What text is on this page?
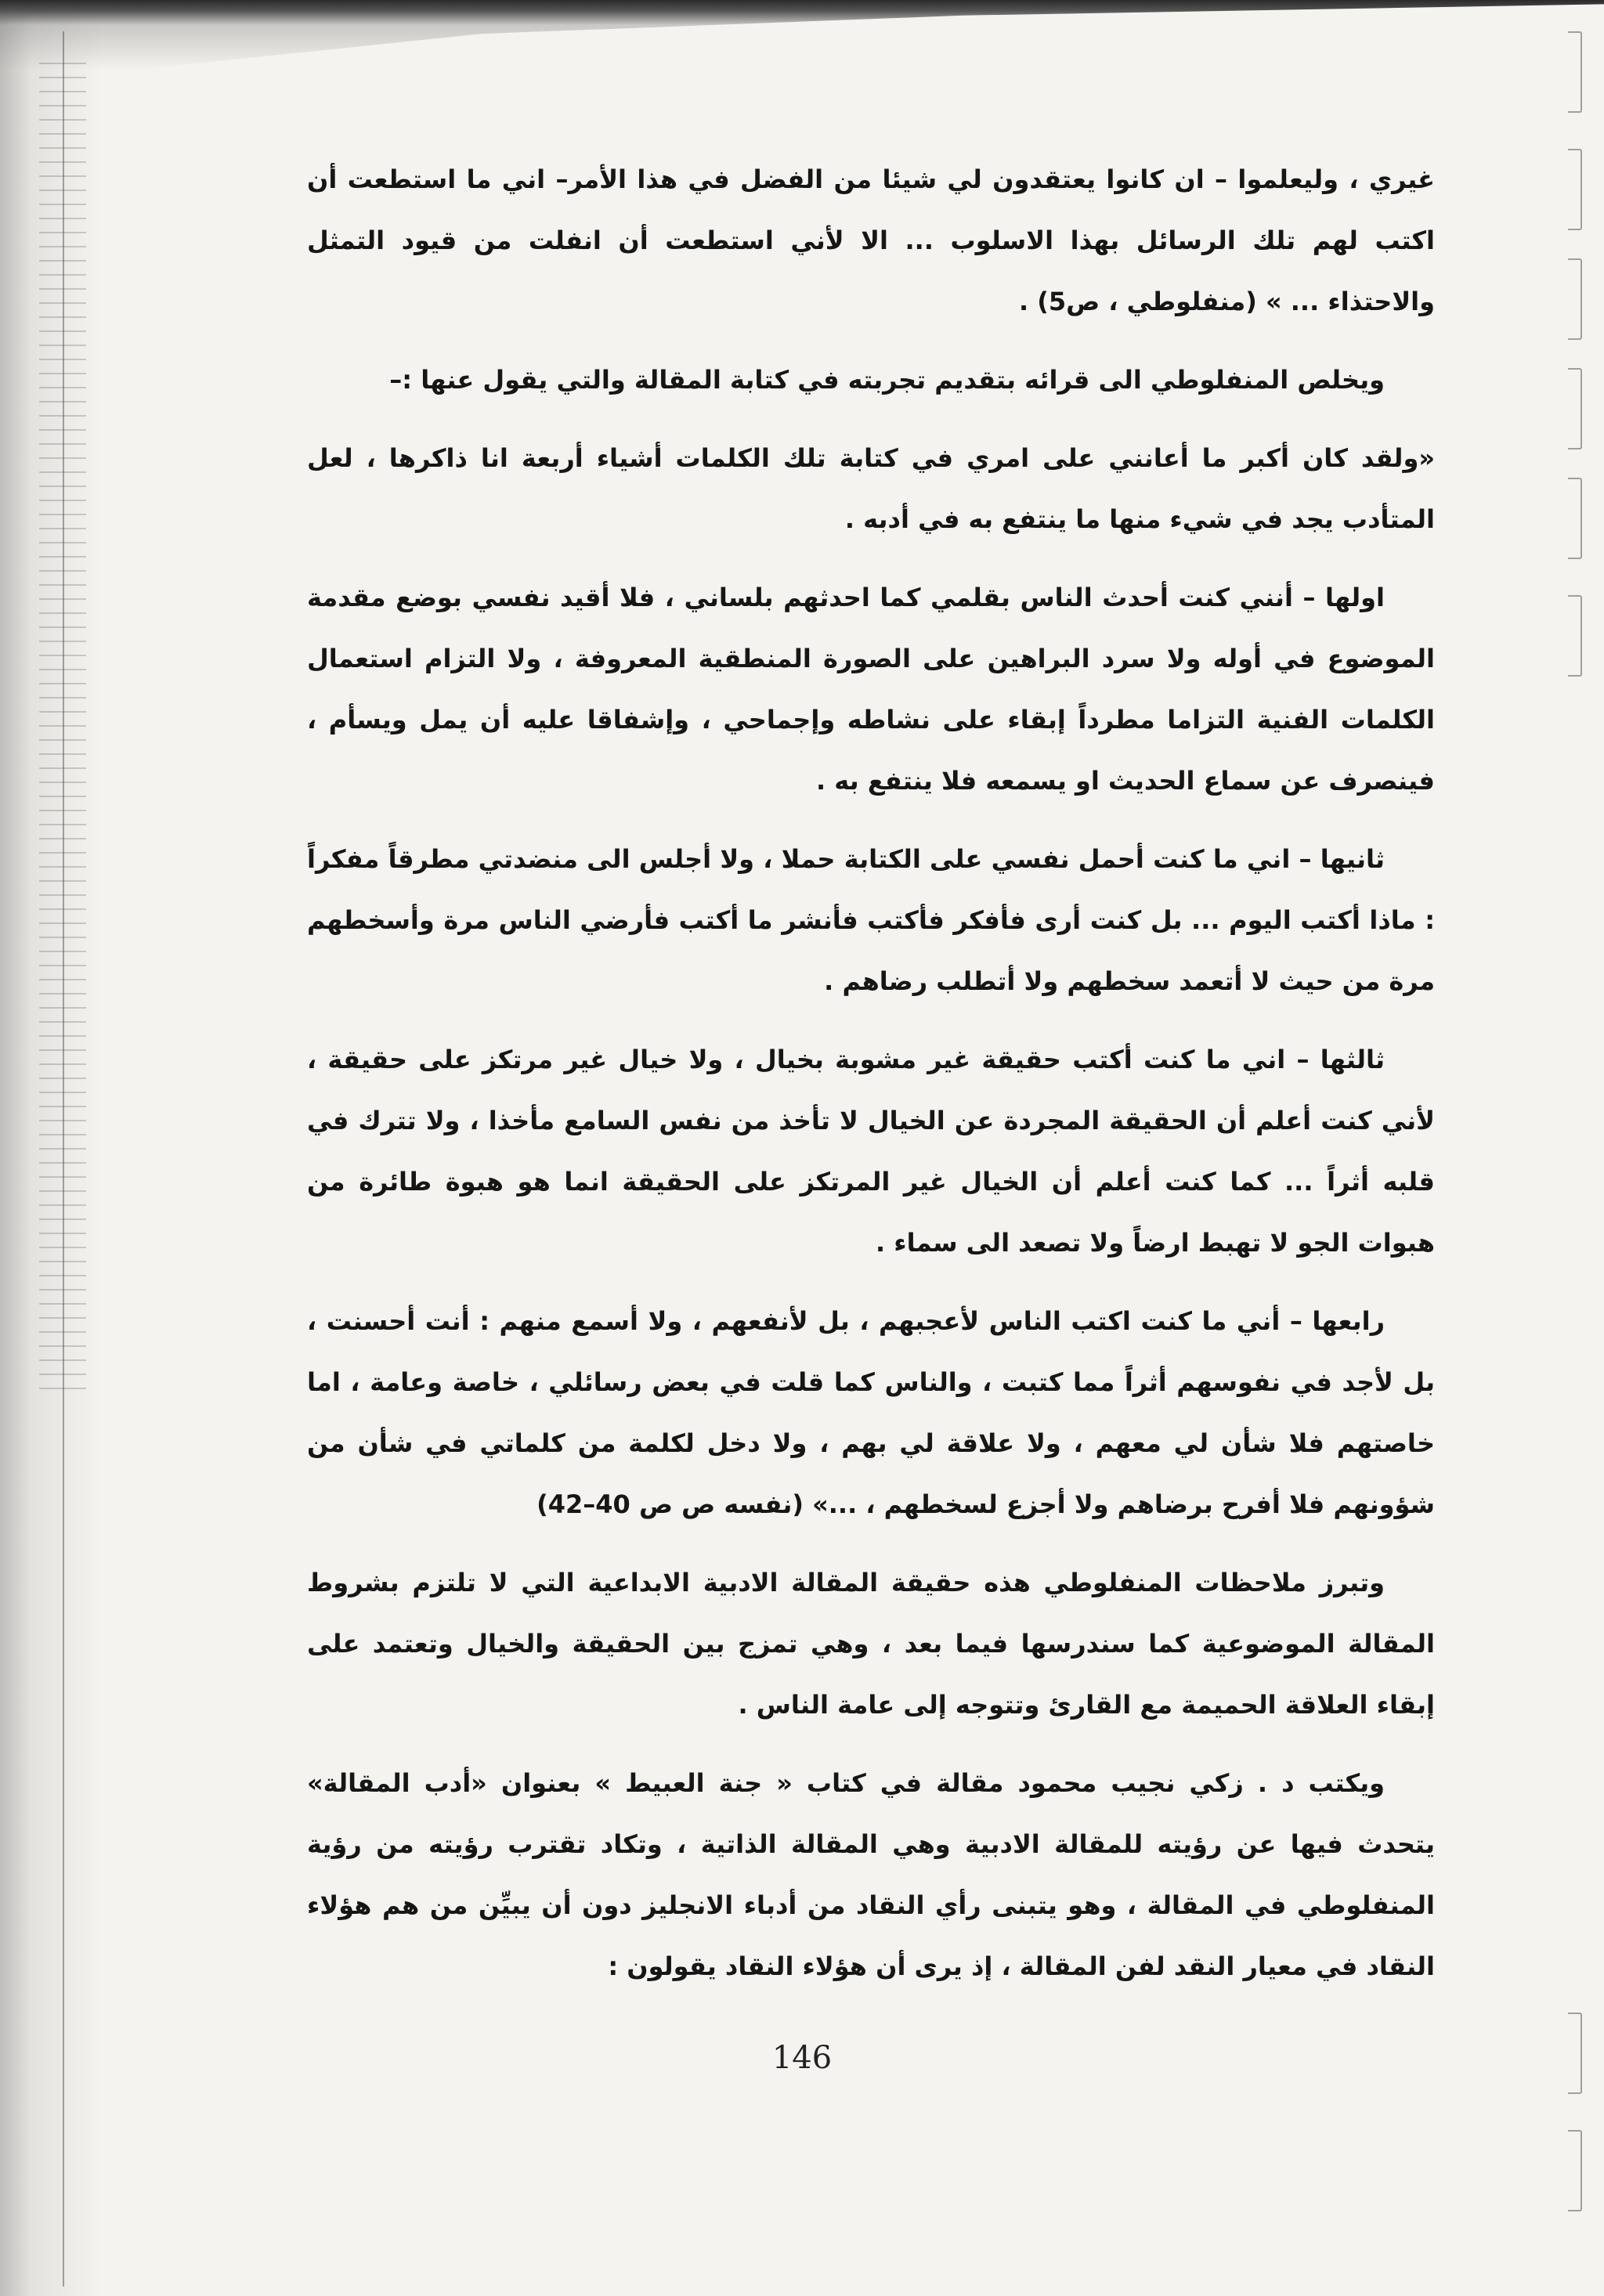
غيري ، وليعلموا – ان كانوا يعتقدون لي شيئا من الفضل في هذا الأمر– اني ما استطعت أن اكتب لهم تلك الرسائل بهذا الاسلوب ... الا لأني استطعت أن انفلت من قيود التمثل والاحتذاء ... » (منفلوطي ، ص5) .

ويخلص المنفلوطي الى قرائه بتقديم تجربته في كتابة المقالة والتي يقول عنها :–

«ولقد كان أكبر ما أعانني على امري في كتابة تلك الكلمات أشياء أربعة انا ذاكرها ، لعل المتأدب يجد في شيء منها ما ينتفع به في أدبه .

اولها – أنني كنت أحدث الناس بقلمي كما احدثهم بلساني ، فلا أقيد نفسي بوضع مقدمة الموضوع في أوله ولا سرد البراهين على الصورة المنطقية المعروفة ، ولا التزام استعمال الكلمات الفنية التزاما مطرداً إبقاء على نشاطه وإجماحي ، وإشفاقا عليه أن يمل ويسأم ، فينصرف عن سماع الحديث او يسمعه فلا ينتفع به .

ثانيها – اني ما كنت أحمل نفسي على الكتابة حملا ، ولا أجلس الى منضدتي مطرقاً مفكراً : ماذا أكتب اليوم ... بل كنت أرى فأفكر فأكتب فأنشر ما أكتب فأرضي الناس مرة وأسخطهم مرة من حيث لا أتعمد سخطهم ولا أتطلب رضاهم .

ثالثها – اني ما كنت أكتب حقيقة غير مشوبة بخيال ، ولا خيال غير مرتكز على حقيقة ، لأني كنت أعلم أن الحقيقة المجردة عن الخيال لا تأخذ من نفس السامع مأخذا ، ولا تترك في قلبه أثراً ... كما كنت أعلم أن الخيال غير المرتكز على الحقيقة انما هو هبوة طائرة من هبوات الجو لا تهبط ارضاً ولا تصعد الى سماء .

رابعها – أني ما كنت اكتب الناس لأعجبهم ، بل لأنفعهم ، ولا أسمع منهم : أنت أحسنت ، بل لأجد في نفوسهم أثراً مما كتبت ، والناس كما قلت في بعض رسائلي ، خاصة وعامة ، اما خاصتهم فلا شأن لي معهم ، ولا علاقة لي بهم ، ولا دخل لكلمة من كلماتي في شأن من شؤونهم فلا أفرح برضاهم ولا أجزع لسخطهم ، ...» (نفسه ص ص 40–42)

وتبرز ملاحظات المنفلوطي هذه حقيقة المقالة الادبية الابداعية التي لا تلتزم بشروط المقالة الموضوعية كما سندرسها فيما بعد ، وهي تمزج بين الحقيقة والخيال وتعتمد على إبقاء العلاقة الحميمة مع القارئ وتتوجه إلى عامة الناس .

ويكتب د . زكي نجيب محمود مقالة في كتاب « جنة العبيط » بعنوان «أدب المقالة» يتحدث فيها عن رؤيته للمقالة الادبية وهي المقالة الذاتية ، وتكاد تقترب رؤيته من رؤية المنفلوطي في المقالة ، وهو يتبنى رأي النقاد من أدباء الانجليز دون أن يبيِّن من هم هؤلاء النقاد في معيار النقد لفن المقالة ، إذ يرى أن هؤلاء النقاد يقولون :

146
